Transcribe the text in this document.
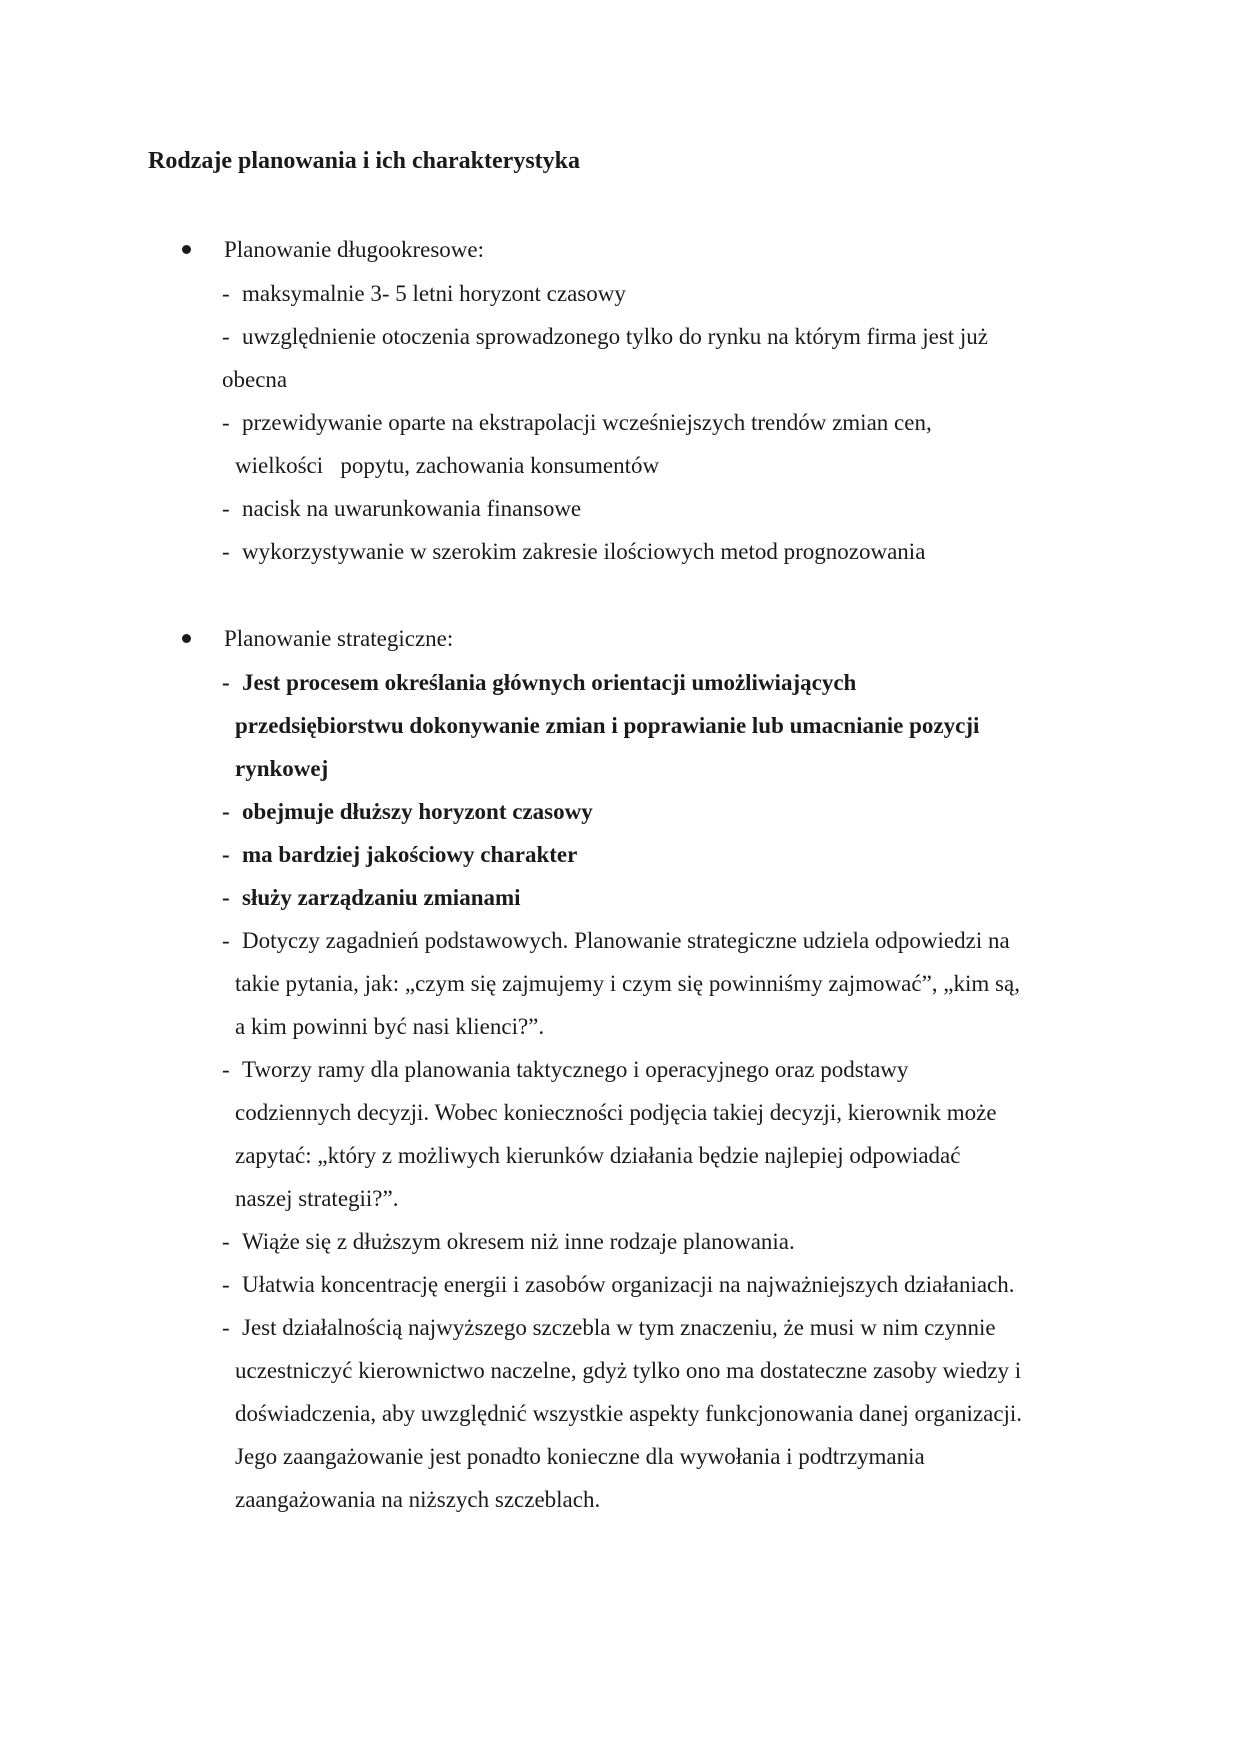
Rodzaje planowania i ich charakterystyka
Planowanie długookresowe:
- maksymalnie 3- 5 letni horyzont czasowy
- uwzględnienie otoczenia sprowadzonego tylko do rynku na którym firma jest już
obecna
- przewidywanie oparte na ekstrapolacji wcześniejszych trendów zmian cen,
wielkości   popytu, zachowania konsumentów
- nacisk na uwarunkowania finansowe
- wykorzystywanie w szerokim zakresie ilościowych metod prognozowania
Planowanie strategiczne:
- Jest procesem określania głównych orientacji umożliwiających
przedsiębiorstwu dokonywanie zmian i poprawianie lub umacnianie pozycji
rynkowej
- obejmuje dłuższy horyzont czasowy
- ma bardziej jakościowy charakter
- służy zarządzaniu zmianami
- Dotyczy zagadnień podstawowych. Planowanie strategiczne udziela odpowiedzi na
takie pytania, jak: „czym się zajmujemy i czym się powinniśmy zajmować”, „kim są,
a kim powinni być nasi klienci?”.
- Tworzy ramy dla planowania taktycznego i operacyjnego oraz podstawy
codziennych decyzji. Wobec konieczności podjęcia takiej decyzji, kierownik może
zapytać: „który z możliwych kierunków działania będzie najlepiej odpowiadać
naszej strategii?”.
- Wiąże się z dłuższym okresem niż inne rodzaje planowania.
- Ułatwia koncentrację energii i zasobów organizacji na najważniejszych działaniach.
- Jest działalnością najwyższego szczebla w tym znaczeniu, że musi w nim czynnie
uczestniczyć kierownictwo naczelne, gdyż tylko ono ma dostateczne zasoby wiedzy i
doświadczenia, aby uwzględnić wszystkie aspekty funkcjonowania danej organizacji.
Jego zaangażowanie jest ponadto konieczne dla wywołania i podtrzymania
zaangażowania na niższych szczeblach.
